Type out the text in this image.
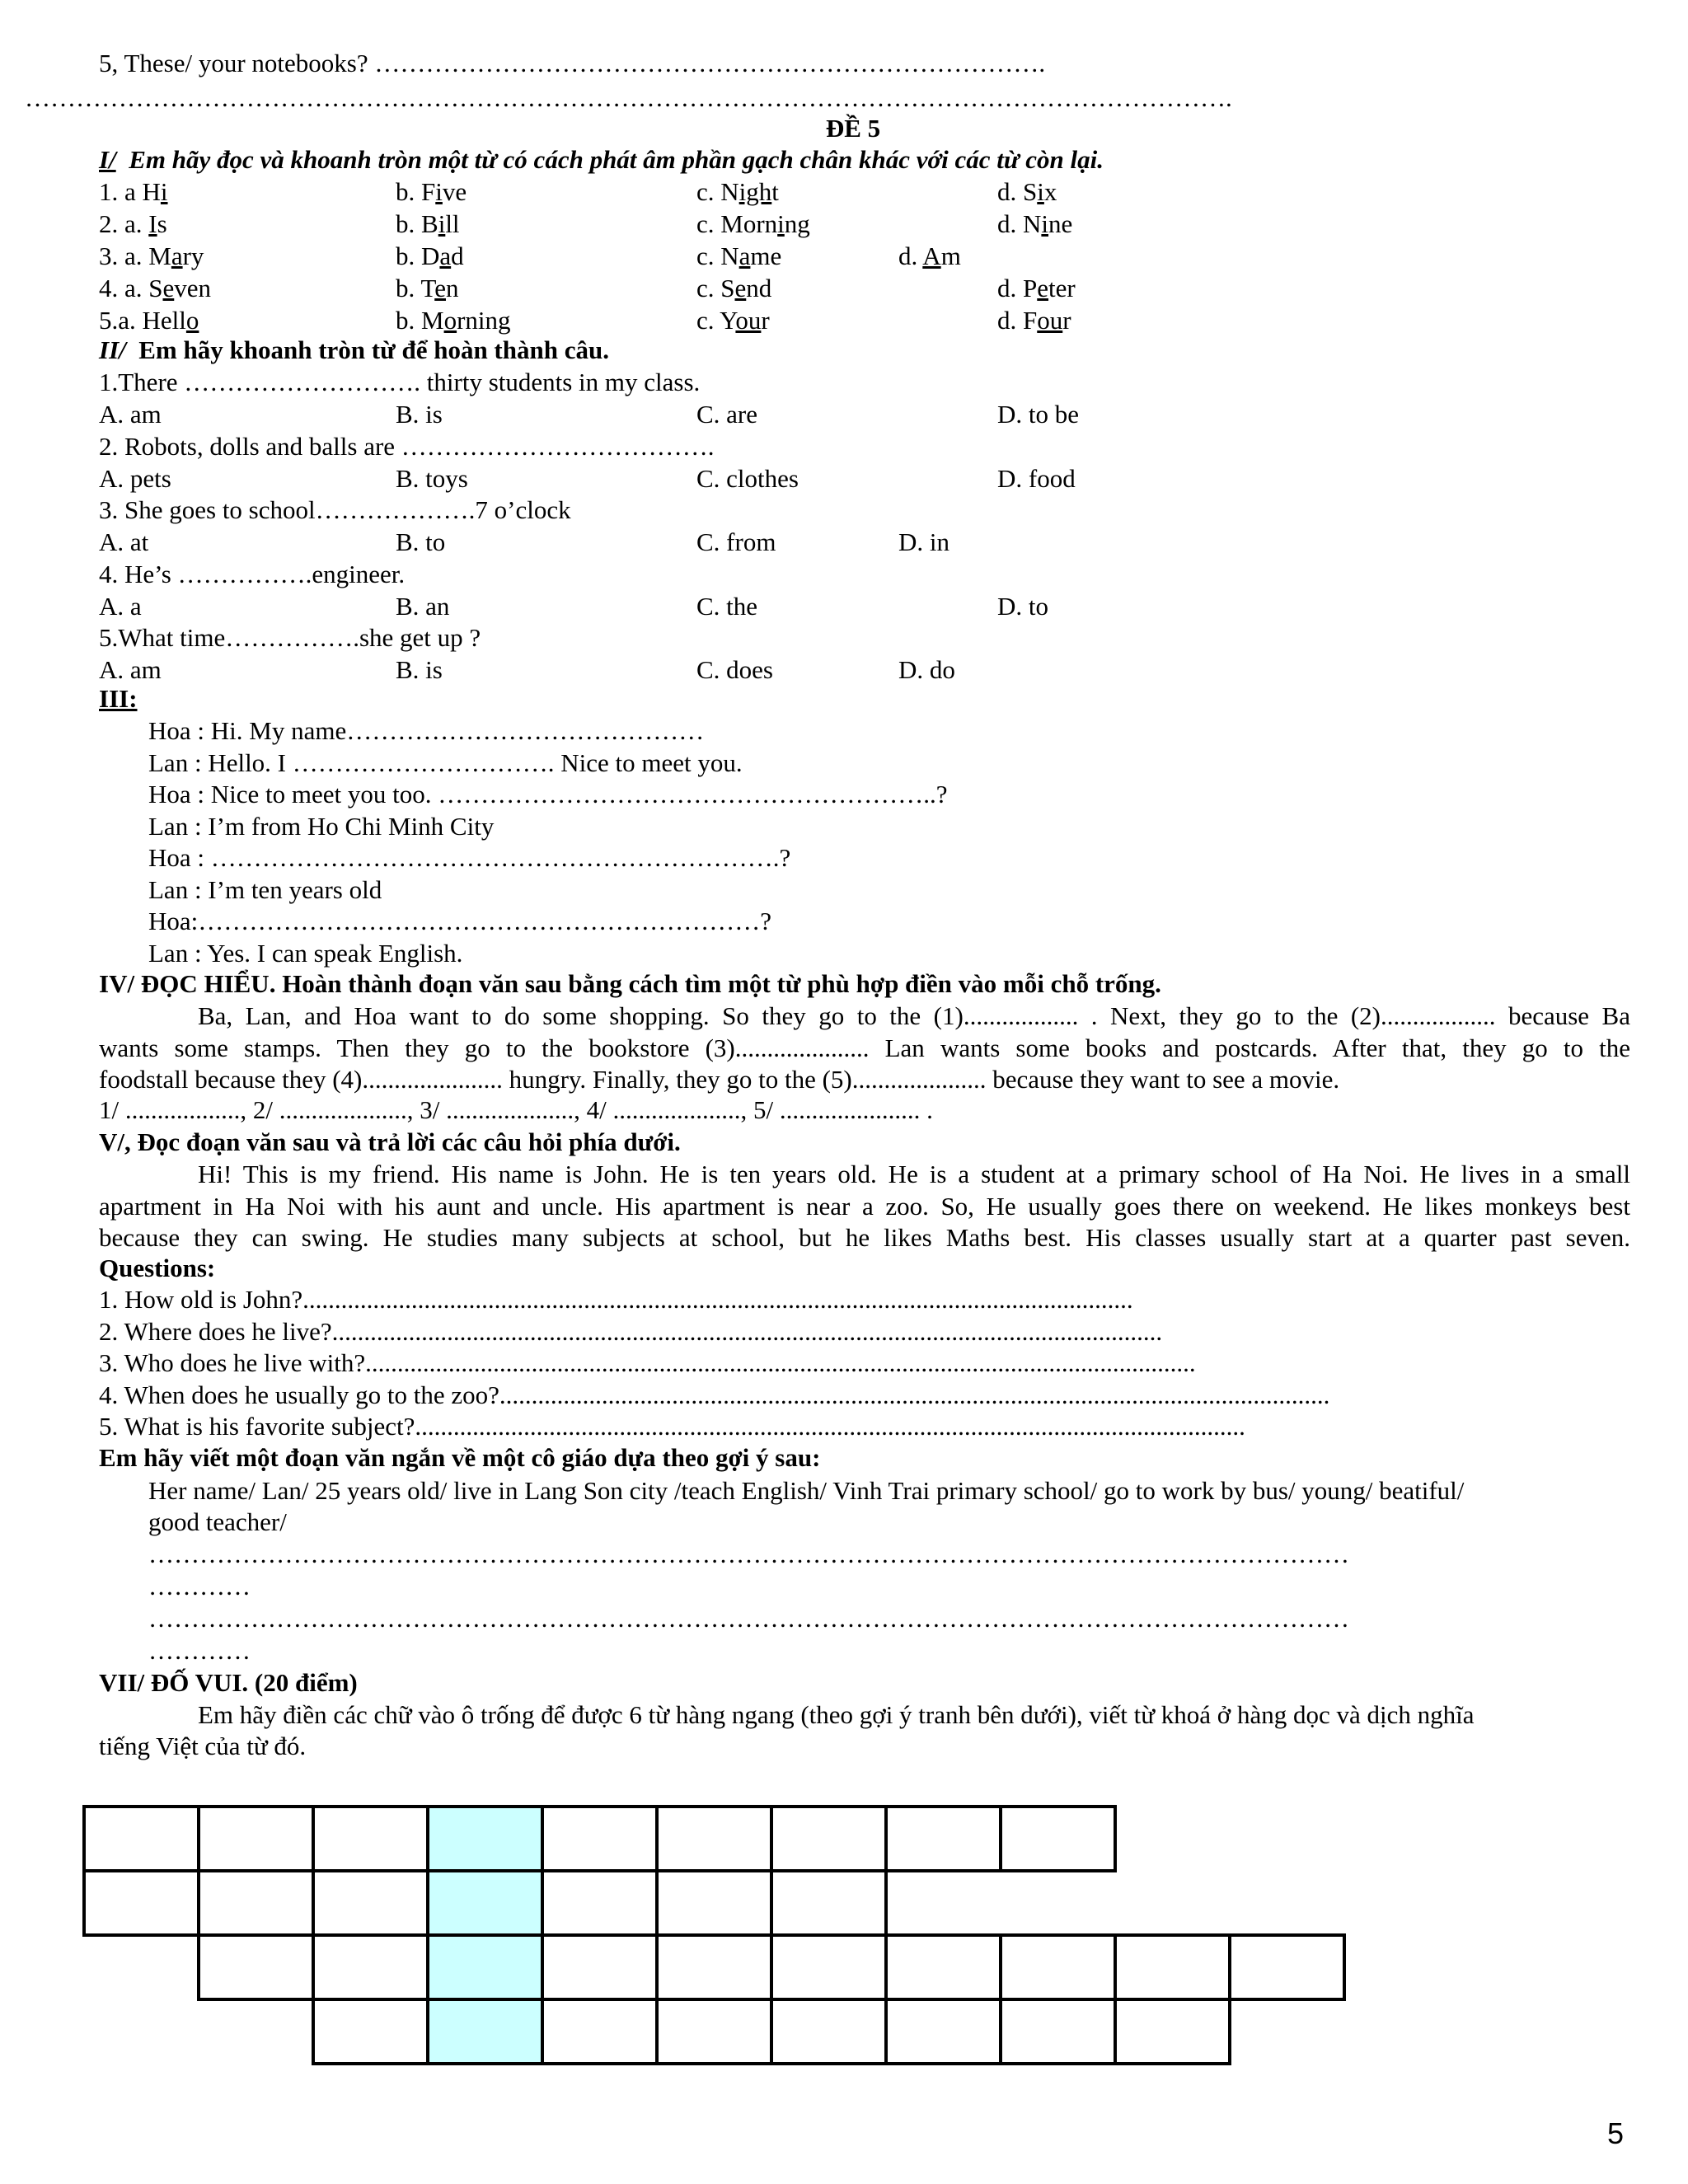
5, These/ your notebooks? …………………………………………………………………….
…………………………………………………………………………………………………………………………….
ĐỀ 5
I/ Em hãy đọc và khoanh tròn một từ có cách phát âm phần gạch chân khác với các từ còn lại.
1. a Hi	b. Five	c. Night	d. Six
2. a. Is	b. Bill	c. Morning	d. Nine
3. a. Mary	b. Dad	c. Name	d. Am
4. a. Seven	b. Ten	c. Send	d. Peter
5.a. Hello	b. Morning	c. Your	d. Four
II/ Em hãy khoanh tròn từ để hoàn thành câu.
1.There ………………………. thirty students in my class.
A. am	B. is	C. are	D. to be
2. Robots, dolls and balls are ……………………………….
A. pets	B. toys	C. clothes	D. food
3. She goes to school……………….7 o’clock
A. at	B. to	C. from	D. in
4. He’s …………….engineer.
A. a	B. an	C. the	D. to
5.What time…………….she get up ?
A. am	B. is	C. does	D. do
III:
Hoa : Hi. My name……………………………………
Lan : Hello. I …………………………. Nice to meet you.
Hoa : Nice to meet you too. …………………………………………………..?
Lan : I’m from Ho Chi Minh City
Hoa : ………………………………………………………….?
Lan : I’m ten years old
Hoa:…………………………………………………………?
Lan : Yes. I can speak English.
IV/ ĐỌC HIỂU. Hoàn thành đoạn văn sau bằng cách tìm một từ phù hợp điền vào mỗi chỗ trống.
Ba, Lan, and Hoa want to do some shopping. So they go to the (1).................. . Next, they go to the (2).................. because Ba
wants some stamps. Then they go to the bookstore (3)..................... Lan wants some books and postcards. After that, they go to the
foodstall because they (4)...................... hungry. Finally, they go to the (5)..................... because they want to see a movie.
1/ .................., 2/ ...................., 3/ ...................., 4/ ...................., 5/ ...................... .
V/, Đọc đoạn văn sau và trả lời các câu hỏi phía dưới.
Hi! This is my friend. His name is John. He is ten years old. He is a student at a primary school of Ha Noi. He lives in a small
apartment in Ha Noi with his aunt and uncle. His apartment is near a zoo. So, He usually goes there on weekend. He likes monkeys best
because they can swing. He studies many subjects at school, but he likes Maths best. His classes usually start at a quarter past seven.
Questions:
1. How old is John?..................................................................................................................................
2. Where does he live?..................................................................................................................................
3. Who does he live with?..................................................................................................................................
4. When does he usually go to the zoo?..................................................................................................................................
5. What is his favorite subject?..................................................................................................................................
Em hãy viết một đoạn văn ngắn về một cô giáo dựa theo gợi ý sau:
Her name/ Lan/ 25 years old/ live in Lang Son city /teach English/ Vinh Trai primary school/ go to work by bus/ young/ beatiful/
good teacher/
……………………………………………………………………………………………………………………………
…………
……………………………………………………………………………………………………………………………
…………
VII/ ĐỐ VUI. (20 điểm)
Em hãy điền các chữ vào ô trống để được 6 từ hàng ngang (theo gợi ý tranh bên dưới), viết từ khoá ở hàng dọc và dịch nghĩa
tiếng Việt của từ đó.
5
